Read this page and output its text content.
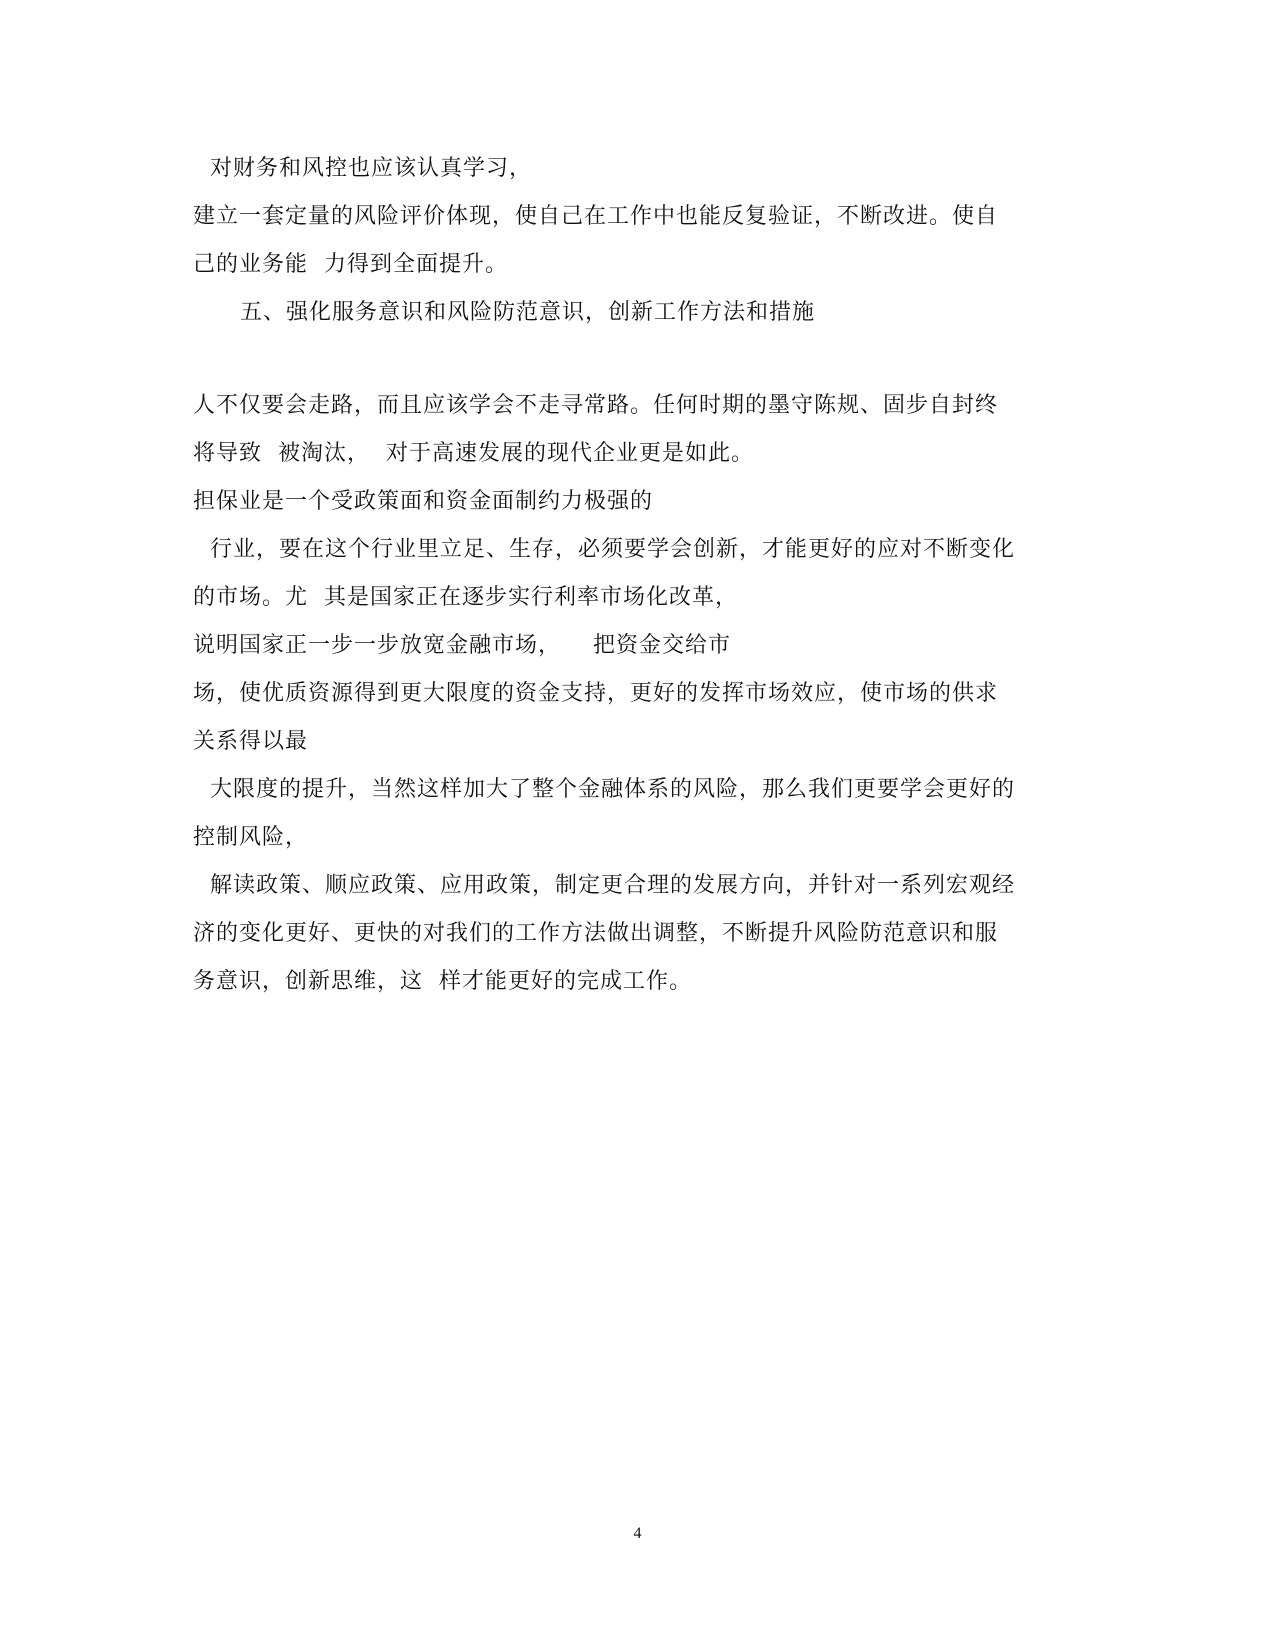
对财务和风控也应该认真学习，
建立一套定量的风险评价体现，使自己在工作中也能反复验证，不断改进。使自
己的业务能  力得到全面提升。
五、强化服务意识和风险防范意识，创新工作方法和措施
人不仅要会走路，而且应该学会不走寻常路。任何时期的墨守陈规、固步自封终
将导致  被淘汰，  对于高速发展的现代企业更是如此。
担保业是一个受政策面和资金面制约力极强的
行业，要在这个行业里立足、生存，必须要学会创新，才能更好的应对不断变化
的市场。尤  其是国家正在逐步实行利率市场化改革，
说明国家正一步一步放宽金融市场，    把资金交给市
场，使优质资源得到更大限度的资金支持，更好的发挥市场效应，使市场的供求
关系得以最
大限度的提升，当然这样加大了整个金融体系的风险，那么我们更要学会更好的
控制风险，
解读政策、顺应政策、应用政策，制定更合理的发展方向，并针对一系列宏观经
济的变化更好、更快的对我们的工作方法做出调整，不断提升风险防范意识和服
务意识，创新思维，这  样才能更好的完成工作。
4
